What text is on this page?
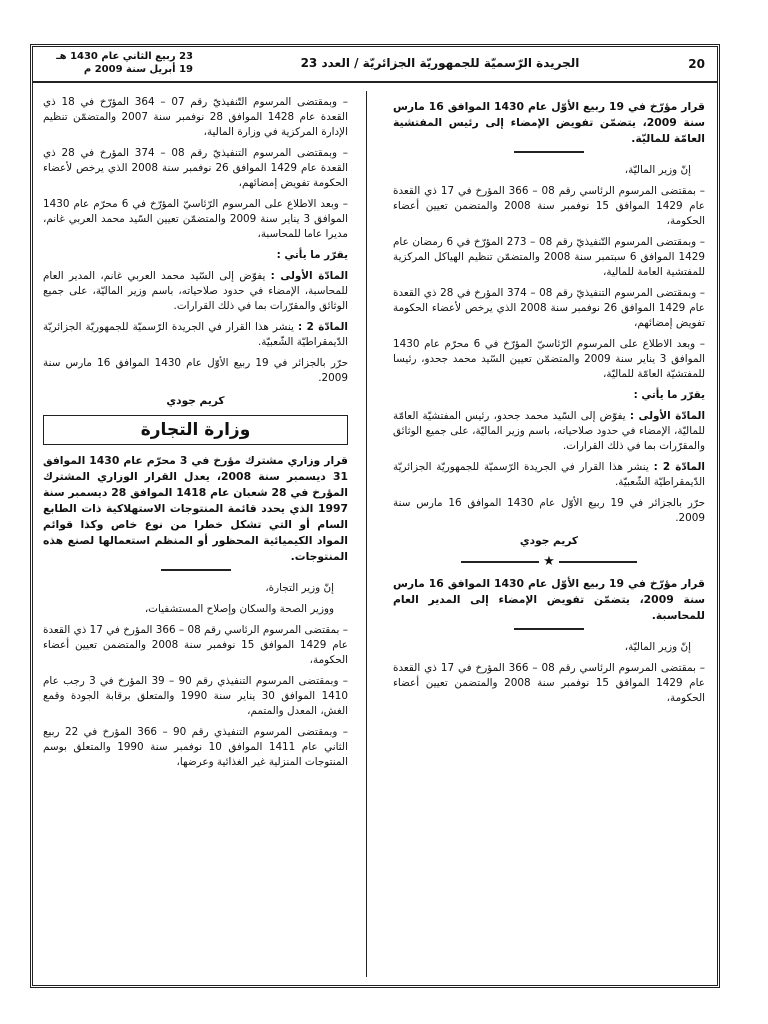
20
الجريدة الرّسميّة للجمهوريّة الجزائريّة / العدد 23
23 ربيع الثاني عام 1430 هـ
19 أبريل سنة 2009 م

قرار مؤرّخ في 19 ربيع الأوّل عام 1430 الموافق 16 مارس سنة 2009، يتضمّن تفويض الإمضاء إلى رئيس المفتشية العامّة للماليّة.

إنّ وزير الماليّة،

– بمقتضى المرسوم الرئاسي رقم 08 – 366 المؤرخ في 17 ذي القعدة عام 1429 الموافق 15 نوفمبر سنة 2008 والمتضمن تعيين أعضاء الحكومة،

– وبمقتضى المرسوم التّنفيذيّ رقم 08 – 273 المؤرّخ في 6 رمضان عام 1429 الموافق 6 سبتمبر سنة 2008 والمتضمّن تنظيم الهياكل المركزية للمفتشية العامة للمالية،

– وبمقتضى المرسوم التنفيذيّ رقم 08 – 374 المؤرخ في 28 ذي القعدة عام 1429 الموافق 26 نوفمبر سنة 2008 الذي يرخص لأعضاء الحكومة تفويض إمضائهم،

– وبعد الاطلاع على المرسوم الرّئاسيّ المؤرّخ في 6 محرّم عام 1430 الموافق 3 يناير سنة 2009 والمتضمّن تعيين السّيد محمد جحدو، رئيسا للمفتشيّة العامّة للماليّة،

يقرّر ما يأتي :

المادّة الأولى : يفوّض إلى السّيد محمد جحدو، رئيس المفتشيّة العامّة للماليّة، الإمضاء في حدود صلاحياته، باسم وزير الماليّة، على جميع الوثائق والمقرّرات بما في ذلك القرارات.

المادّة 2 : ينشر هذا القرار في الجريدة الرّسميّة للجمهوريّة الجزائريّة الدّيمقراطيّة الشّعبيّة.

حرّر بالجزائر في 19 ربيع الأوّل عام 1430 الموافق 16 مارس سنة 2009.

كريم جودي
★

قرار مؤرّخ في 19 ربيع الأوّل عام 1430 الموافق 16 مارس سنة 2009، يتضمّن تفويض الإمضاء إلى المدير العام للمحاسبة.

إنّ وزير الماليّة،

– بمقتضى المرسوم الرئاسي رقم 08 – 366 المؤرخ في 17 ذي القعدة عام 1429 الموافق 15 نوفمبر سنة 2008 والمتضمن تعيين أعضاء الحكومة،

– وبمقتضى المرسوم التّنفيذيّ رقم 07 – 364 المؤرّخ في 18 ذي القعدة عام 1428 الموافق 28 نوفمبر سنة 2007 والمتضمّن تنظيم الإدارة المركزية في وزارة المالية،

– وبمقتضى المرسوم التنفيذيّ رقم 08 – 374 المؤرخ في 28 ذي القعدة عام 1429 الموافق 26 نوفمبر سنة 2008 الذي يرخص لأعضاء الحكومة تفويض إمضائهم،

– وبعد الاطلاع على المرسوم الرّئاسيّ المؤرّخ في 6 محرّم عام 1430 الموافق 3 يناير سنة 2009 والمتضمّن تعيين السّيد محمد العربي غانم، مديرا عاما للمحاسبة،

يقرّر ما يأتي :

المادّة الأولى : يفوّض إلى السّيد محمد العربي غانم، المدير العام للمحاسبة، الإمضاء في حدود صلاحياته، باسم وزير الماليّة، على جميع الوثائق والمقرّرات بما في ذلك القرارات.

المادّة 2 : ينشر هذا القرار في الجريدة الرّسميّة للجمهوريّة الجزائريّة الدّيمقراطيّة الشّعبيّة.

حرّر بالجزائر في 19 ربيع الأوّل عام 1430 الموافق 16 مارس سنة 2009.

كريم جودي
وزارة التجارة

قرار وزاري مشترك مؤرخ في 3 محرّم عام 1430 الموافق 31 ديسمبر سنة 2008، يعدل القرار الوزاري المشترك المؤرخ في 28 شعبان عام 1418 الموافق 28 ديسمبر سنة 1997 الذي يحدد قائمة المنتوجات الاستهلاكية ذات الطابع السام أو التي تشكل خطرا من نوع خاص وكذا قوائم المواد الكيميائية المحظور أو المنظم استعمالها لصنع هذه المنتوجات.

إنّ وزير التجارة،

ووزير الصحة والسكان وإصلاح المستشفيات،

– بمقتضى المرسوم الرئاسي رقم 08 – 366 المؤرخ في 17 ذي القعدة عام 1429 الموافق 15 نوفمبر سنة 2008 والمتضمن تعيين أعضاء الحكومة،

– وبمقتضى المرسوم التنفيذي رقم 90 – 39 المؤرخ في 3 رجب عام 1410 الموافق 30 يناير سنة 1990 والمتعلق برقابة الجودة وقمع الغش، المعدل والمتمم،

– وبمقتضى المرسوم التنفيذي رقم 90 – 366 المؤرخ في 22 ربيع الثاني عام 1411 الموافق 10 نوفمبر سنة 1990 والمتعلق بوسم المنتوجات المنزلية غير الغذائية وعرضها،
